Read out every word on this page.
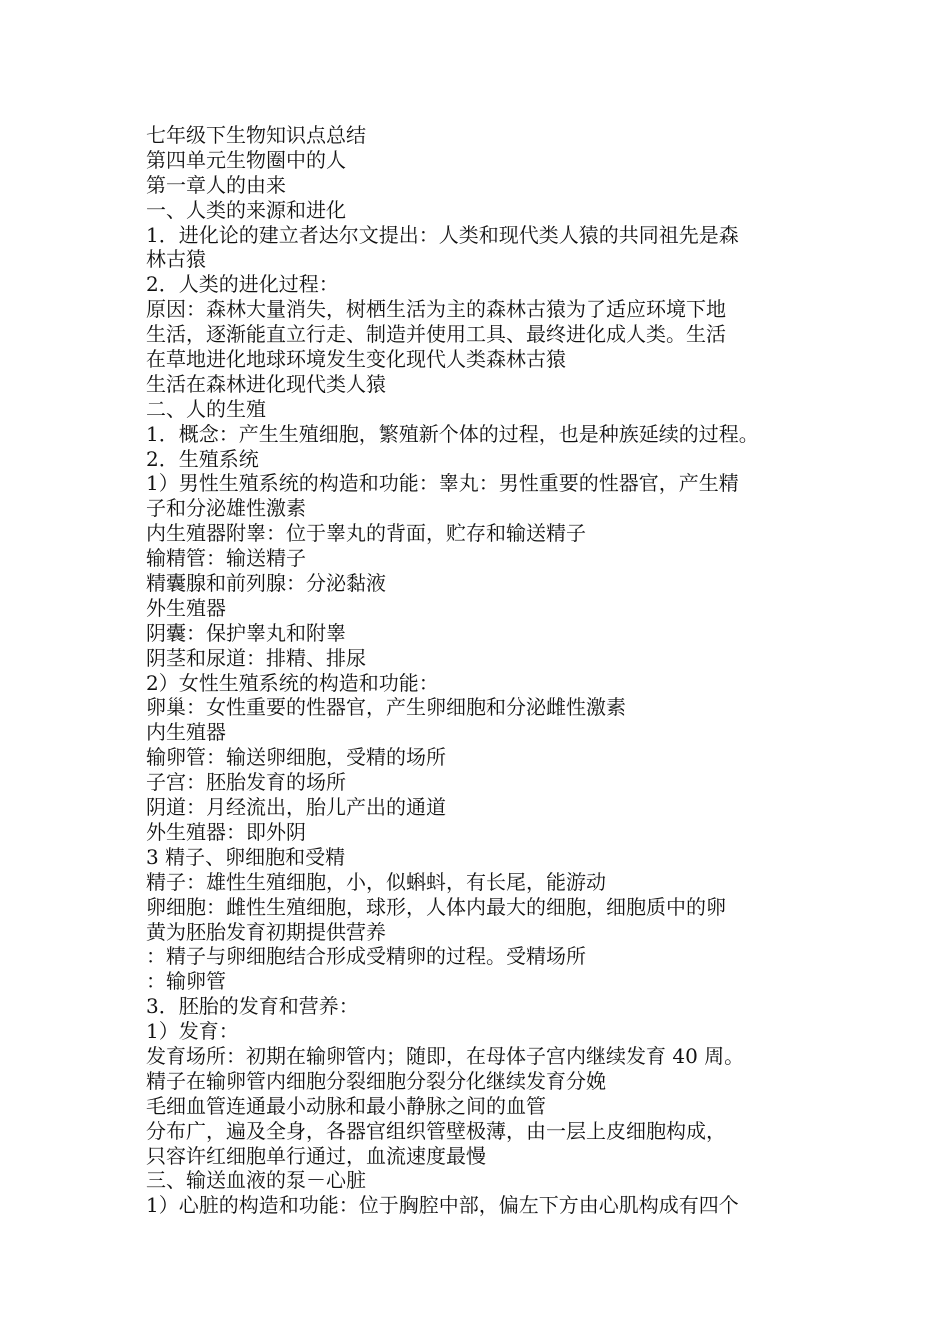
七年级下生物知识点总结

第四单元生物圈中的人

第一章人的由来

一、人类的来源和进化

1．进化论的建立者达尔文提出：人类和现代类人猿的共同祖先是森

林古猿

2．人类的进化过程：

原因：森林大量消失，树栖生活为主的森林古猿为了适应环境下地

生活，逐渐能直立行走、制造并使用工具、最终进化成人类。生活

在草地进化地球环境发生变化现代人类森林古猿

生活在森林进化现代类人猿

二、人的生殖

1．概念：产生生殖细胞，繁殖新个体的过程，也是种族延续的过程。

2．生殖系统

1）男性生殖系统的构造和功能：睾丸：男性重要的性器官，产生精

子和分泌雄性激素

内生殖器附睾：位于睾丸的背面，贮存和输送精子

输精管：输送精子

精囊腺和前列腺：分泌黏液

外生殖器

阴囊：保护睾丸和附睾

阴茎和尿道：排精、排尿

2）女性生殖系统的构造和功能：

卵巢：女性重要的性器官，产生卵细胞和分泌雌性激素

内生殖器

输卵管：输送卵细胞，受精的场所

子宫：胚胎发育的场所

阴道：月经流出，胎儿产出的通道

外生殖器：即外阴

3 精子、卵细胞和受精

精子：雄性生殖细胞，小，似蝌蚪，有长尾，能游动

卵细胞：雌性生殖细胞，球形，人体内最大的细胞，细胞质中的卵

黄为胚胎发育初期提供营养

：精子与卵细胞结合形成受精卵的过程。受精场所

：输卵管

3．胚胎的发育和营养：

1）发育：

发育场所：初期在输卵管内；随即，在母体子宫内继续发育 40 周。

精子在输卵管内细胞分裂细胞分裂分化继续发育分娩

毛细血管连通最小动脉和最小静脉之间的血管

分布广，遍及全身，各器官组织管壁极薄，由一层上皮细胞构成，

只容许红细胞单行通过，血流速度最慢

三、输送血液的泵－心脏

1）心脏的构造和功能：位于胸腔中部，偏左下方由心肌构成有四个
